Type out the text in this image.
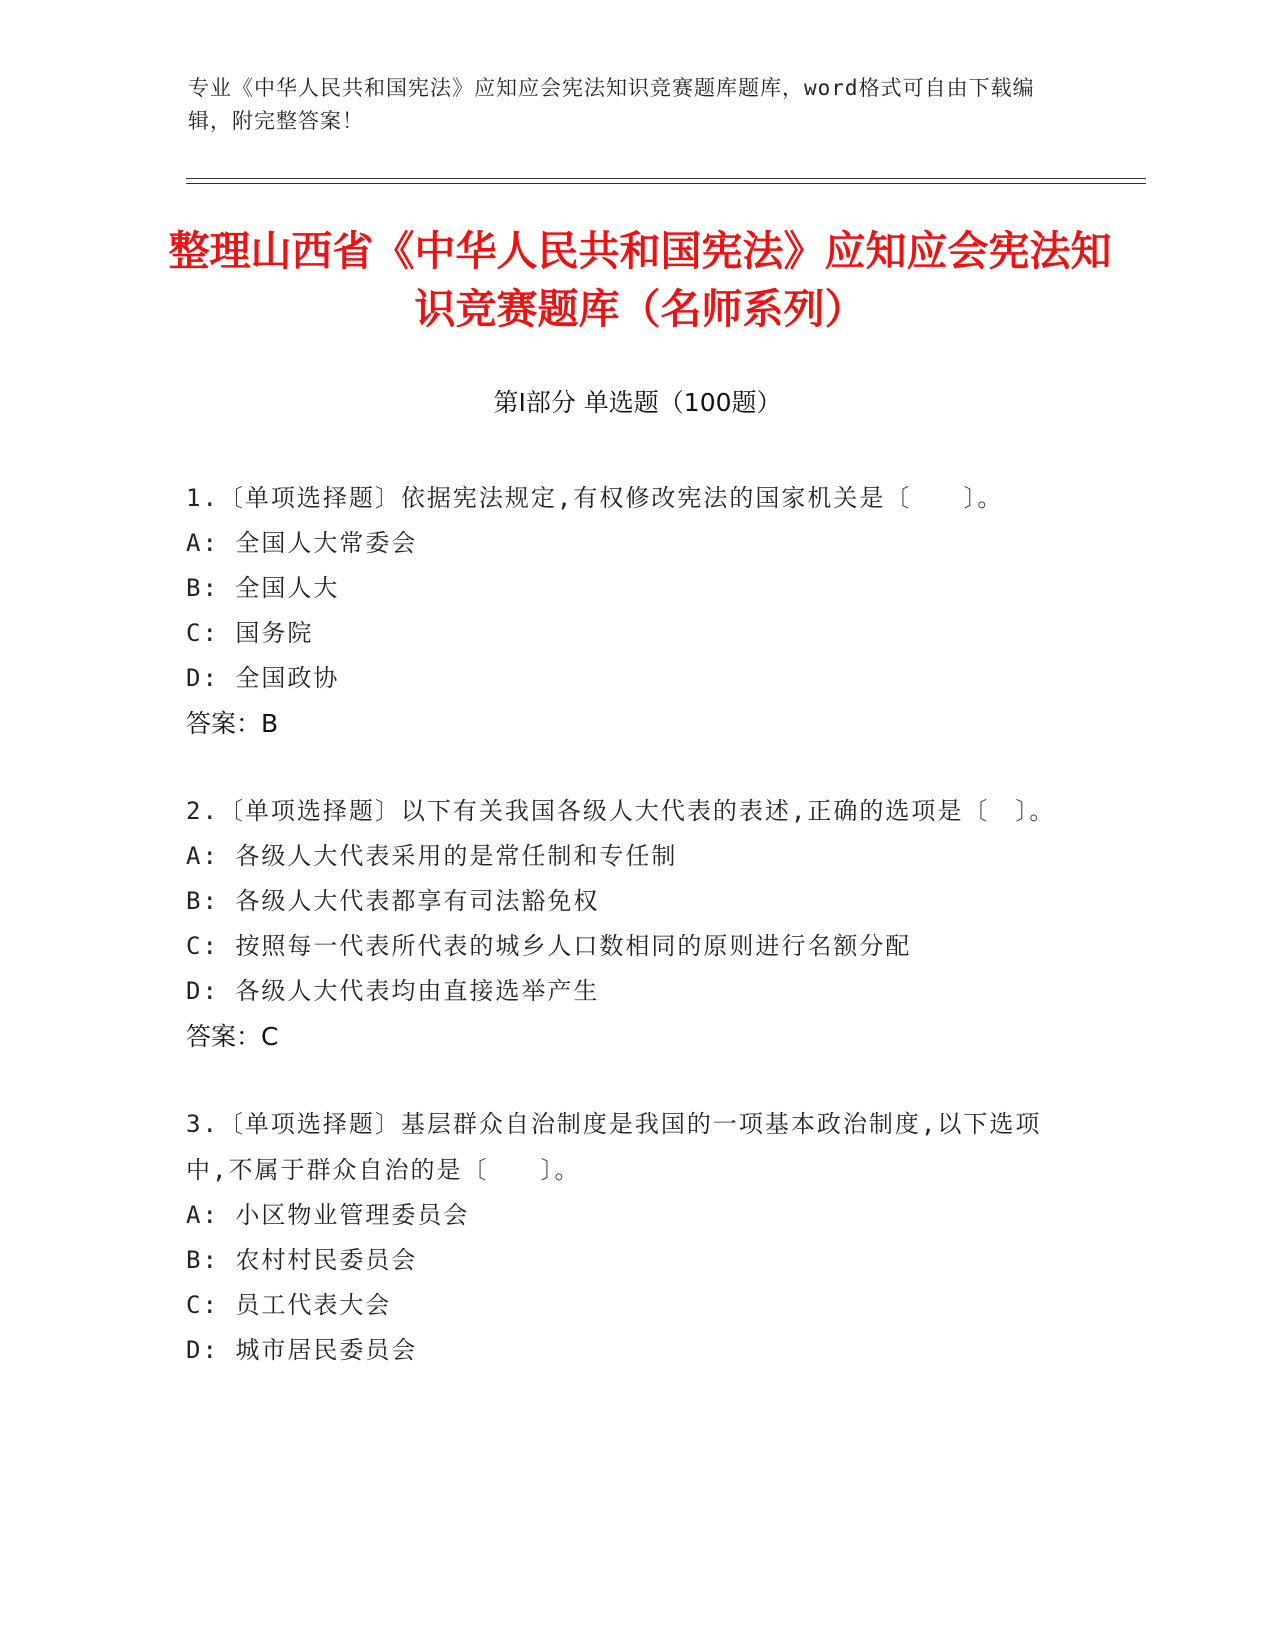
专业《中华人民共和国宪法》应知应会宪法知识竞赛题库题库，word格式可自由下载编辑，附完整答案！
整理山西省《中华人民共和国宪法》应知应会宪法知识竞赛题库（名师系列）
第Ⅰ部分 单选题（100题）
1.〔单项选择题〕依据宪法规定,有权修改宪法的国家机关是〔　　〕。
A: 全国人大常委会
B: 全国人大
C: 国务院
D: 全国政协
答案：B
2.〔单项选择题〕以下有关我国各级人大代表的表述,正确的选项是〔　〕。
A: 各级人大代表采用的是常任制和专任制
B: 各级人大代表都享有司法豁免权
C: 按照每一代表所代表的城乡人口数相同的原则进行名额分配
D: 各级人大代表均由直接选举产生
答案：C
3.〔单项选择题〕基层群众自治制度是我国的一项基本政治制度,以下选项中,不属于群众自治的是〔　　〕。
A: 小区物业管理委员会
B: 农村村民委员会
C: 员工代表大会
D: 城市居民委员会
